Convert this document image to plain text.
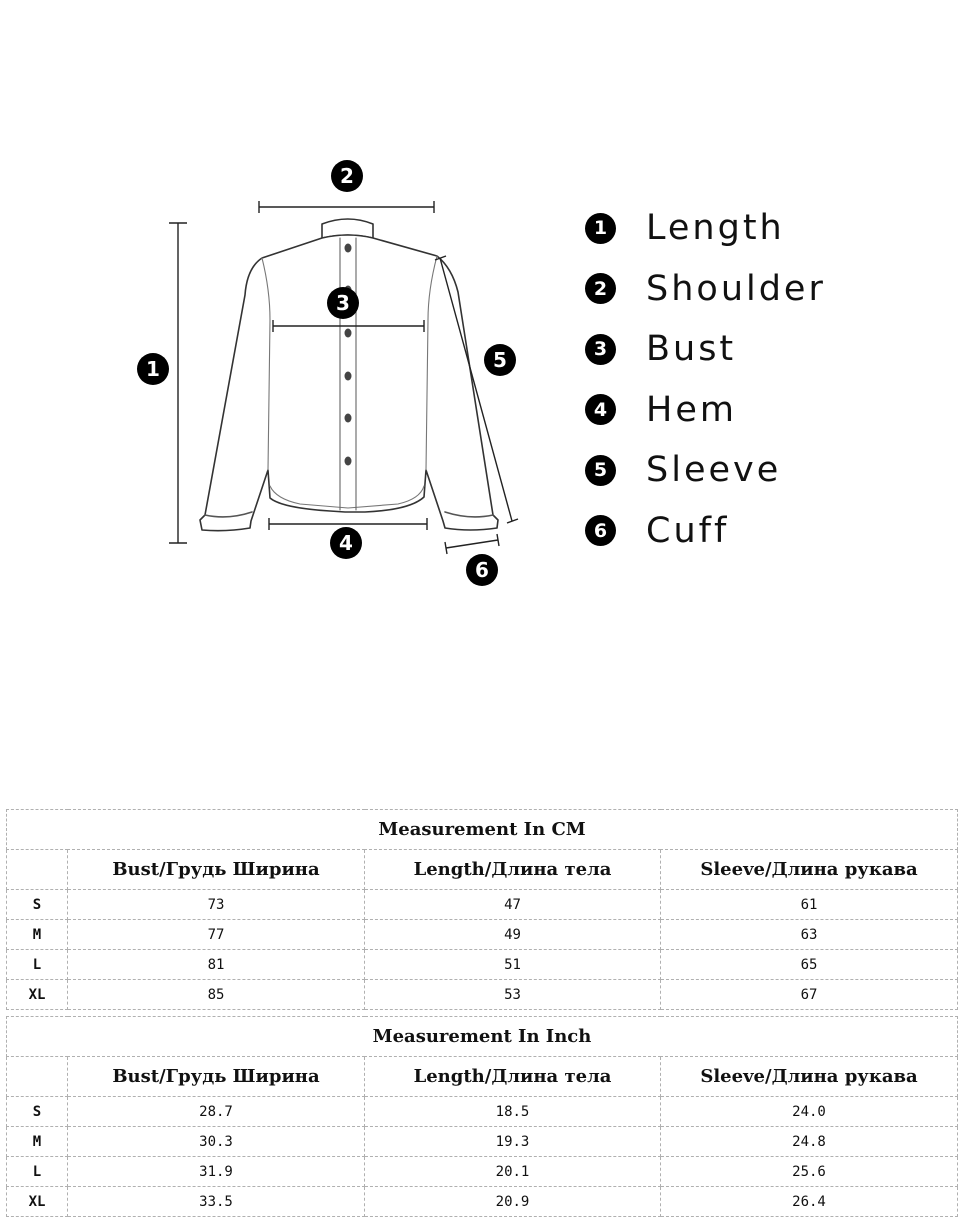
1
2
3
4
5
6
1 Length
2 Shoulder
3 Bust
4 Hem
5 Sleeve
6 Cuff
Measurement In CM			
	Bust/Грудь Ширина	Length/Длина тела	Sleeve/Длина рукава
S	73	47	61
M	77	49	63
L	81	51	65
XL	85	53	67
Measurement In Inch			
	Bust/Грудь Ширина	Length/Длина тела	Sleeve/Длина рукава
S	28.7	18.5	24.0
M	30.3	19.3	24.8
L	31.9	20.1	25.6
XL	33.5	20.9	26.4
